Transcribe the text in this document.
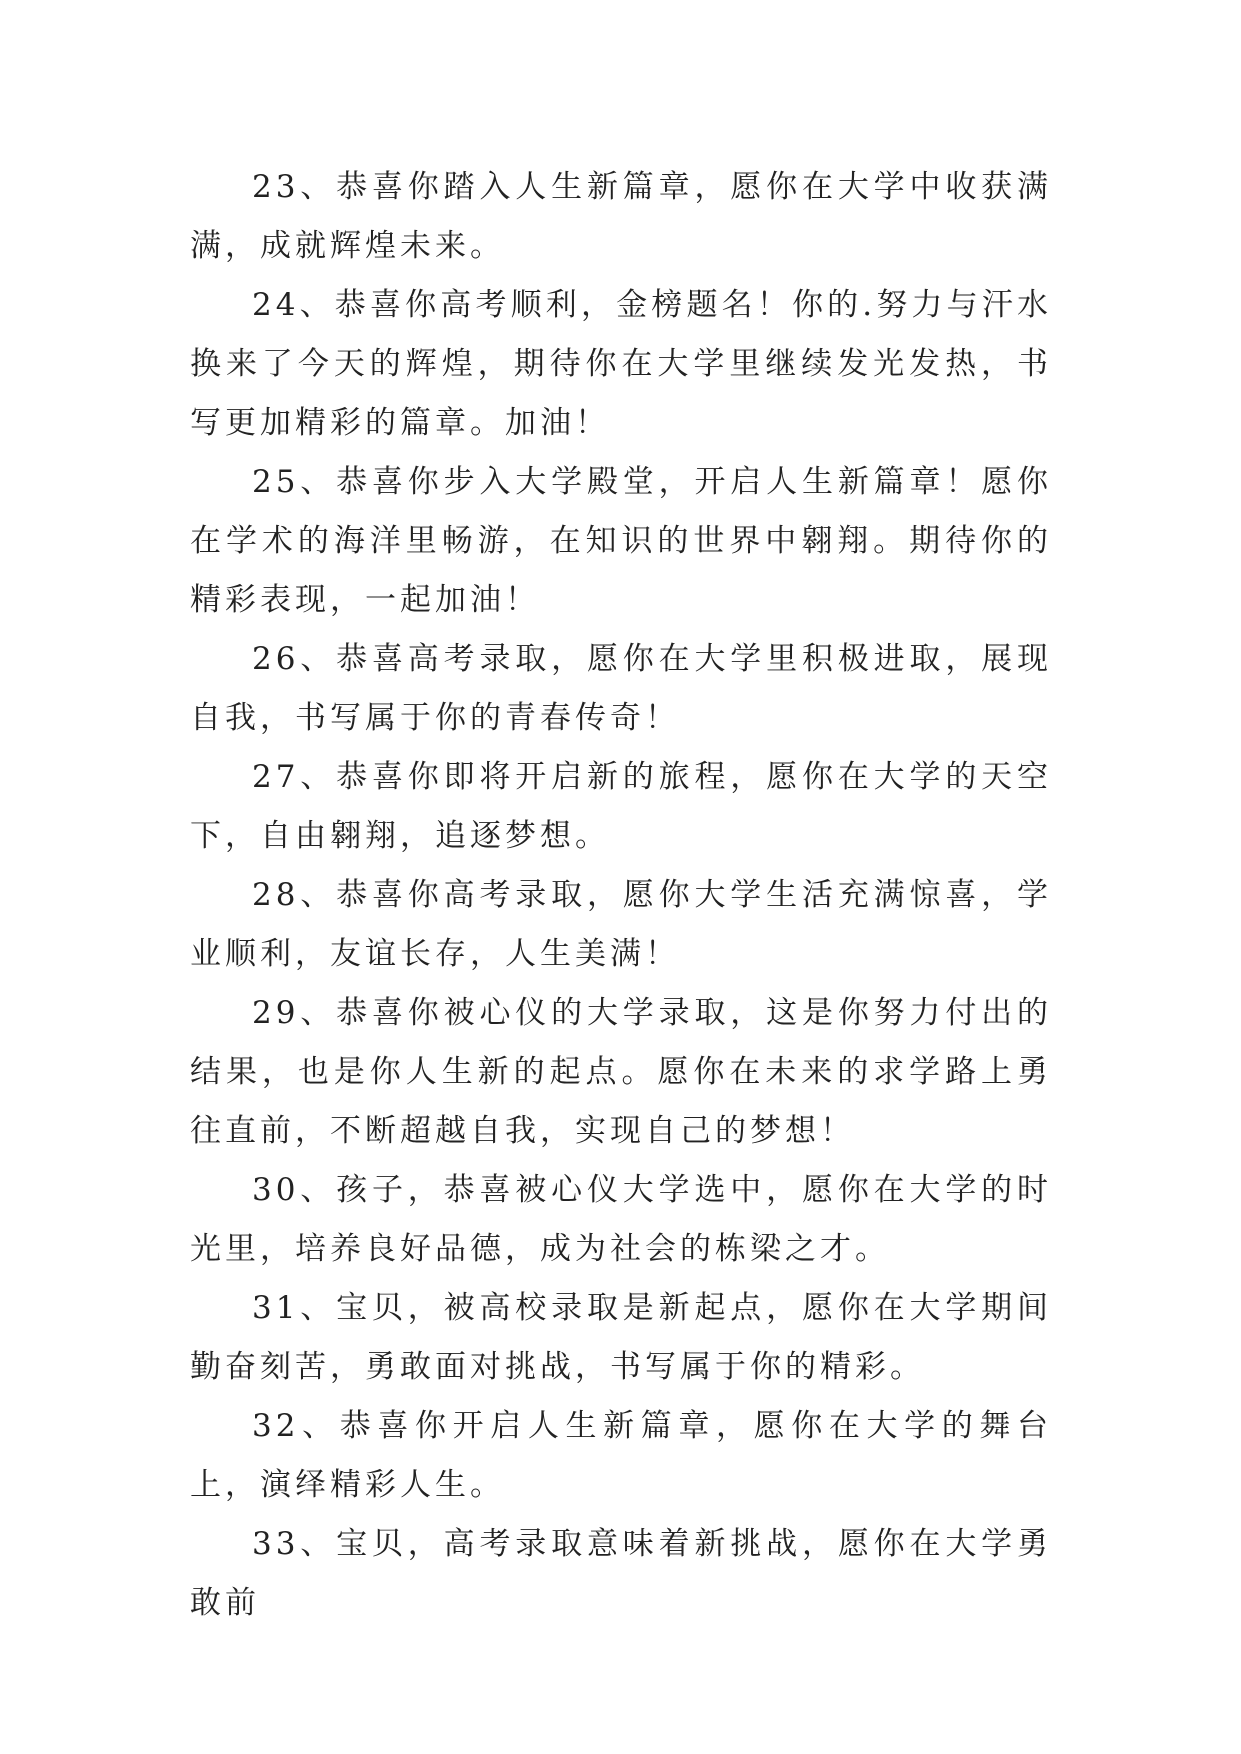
23、恭喜你踏入人生新篇章，愿你在大学中收获满满，成就辉煌未来。

24、恭喜你高考顺利，金榜题名！你的.努力与汗水换来了今天的辉煌，期待你在大学里继续发光发热，书写更加精彩的篇章。加油！

25、恭喜你步入大学殿堂，开启人生新篇章！愿你在学术的海洋里畅游，在知识的世界中翱翔。期待你的精彩表现，一起加油！

26、恭喜高考录取，愿你在大学里积极进取，展现自我，书写属于你的青春传奇！

27、恭喜你即将开启新的旅程，愿你在大学的天空下，自由翱翔，追逐梦想。

28、恭喜你高考录取，愿你大学生活充满惊喜，学业顺利，友谊长存，人生美满！

29、恭喜你被心仪的大学录取，这是你努力付出的结果，也是你人生新的起点。愿你在未来的求学路上勇往直前，不断超越自我，实现自己的梦想！

30、孩子，恭喜被心仪大学选中，愿你在大学的时光里，培养良好品德，成为社会的栋梁之才。

31、宝贝，被高校录取是新起点，愿你在大学期间勤奋刻苦，勇敢面对挑战，书写属于你的精彩。

32、恭喜你开启人生新篇章，愿你在大学的舞台上，演绎精彩人生。

33、宝贝，高考录取意味着新挑战，愿你在大学勇敢前
